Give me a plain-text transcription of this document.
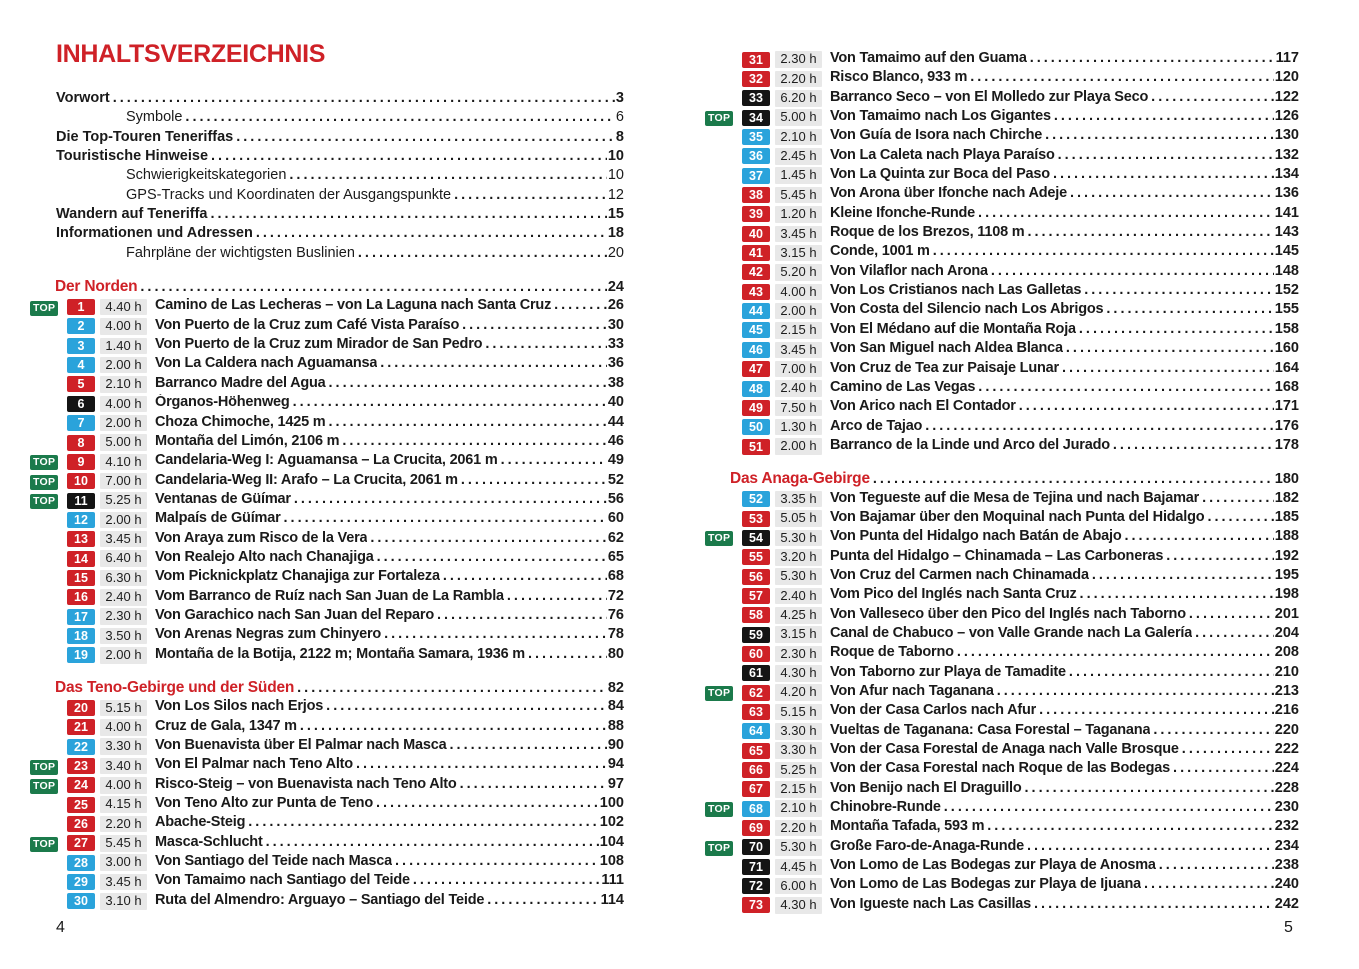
INHALTSVERZEICHNIS
Vorwort .....	3
Symbole .....	6
Die Top-Touren Teneriffas .....	8
Touristische Hinweise .....	10
Schwierigkeitskategorien .....	10
GPS-Tracks und Koordinaten der Ausgangspunkte .....	12
Wandern auf Teneriffa .....	15
Informationen und Adressen .....	18
Fahrpläne der wichtigsten Buslinien .....	20
Der Norden .....	24
TOP	1	4.40 h Camino de Las Lecheras – von La Laguna nach Santa Cruz .....	26
2	4.00 h Von Puerto de la Cruz zum Café Vista Paraíso .....	30
3	1.40 h Von Puerto de la Cruz zum Mirador de San Pedro .....	33
4	2.00 h Von La Caldera nach Aguamansa .....	36
5	2.10 h Barranco Madre del Agua .....	38
6	4.00 h Órganos-Höhenweg .....	40
7	2.00 h Choza Chimoche, 1425 m .....	44
8	5.00 h Montaña del Limón, 2106 m .....	46
TOP	9	4.10 h Candelaria-Weg I: Aguamansa – La Crucita, 2061 m .....	49
TOP	10	7.00 h Candelaria-Weg II: Arafo – La Crucita, 2061 m .....	52
TOP	11	5.25 h Ventanas de Güímar .....	56
12	2.00 h Malpaís de Güímar .....	60
13	3.45 h Von Araya zum Risco de la Vera .....	62
14	6.40 h Von Realejo Alto nach Chanajiga .....	65
15	6.30 h Vom Picknickplatz Chanajiga zur Fortaleza .....	68
16	2.40 h Vom Barranco de Ruíz nach San Juan de La Rambla .....	72
17	2.30 h Von Garachico nach San Juan del Reparo .....	76
18	3.50 h Von Arenas Negras zum Chinyero .....	78
19	2.00 h Montaña de la Botija, 2122 m; Montaña Samara, 1936 m .....	80
Das Teno-Gebirge und der Süden .....	82
20	5.15 h Von Los Silos nach Erjos .....	84
21	4.00 h Cruz de Gala, 1347 m .....	88
22	3.30 h Von Buenavista über El Palmar nach Masca .....	90
TOP	23	3.40 h Von El Palmar nach Teno Alto .....	94
TOP	24	4.00 h Risco-Steig – von Buenavista nach Teno Alto .....	97
25	4.15 h Von Teno Alto zur Punta de Teno .....	100
26	2.20 h Abache-Steig .....	102
TOP	27	5.45 h Masca-Schlucht .....	104
28	3.00 h Von Santiago del Teide nach Masca .....	108
29	3.45 h Von Tamaimo nach Santiago del Teide .....	111
30	3.10 h Ruta del Almendro: Arguayo – Santiago del Teide .....	114
31	2.30 h Von Tamaimo auf den Guama .....	117
32	2.20 h Risco Blanco, 933 m .....	120
33	6.20 h Barranco Seco – von El Molledo zur Playa Seco .....	122
TOP	34	5.00 h Von Tamaimo nach Los Gigantes .....	126
35	2.10 h Von Guía de Isora nach Chirche .....	130
36	2.45 h Von La Caleta nach Playa Paraíso .....	132
37	1.45 h Von La Quinta zur Boca del Paso .....	134
38	5.45 h Von Arona über Ifonche nach Adeje .....	136
39	1.20 h Kleine Ifonche-Runde .....	141
40	3.45 h Roque de los Brezos, 1108 m .....	143
41	3.15 h Conde, 1001 m .....	145
42	5.20 h Von Vilaflor nach Arona .....	148
43	4.00 h Von Los Cristianos nach Las Galletas .....	152
44	2.00 h Von Costa del Silencio nach Los Abrigos .....	155
45	2.15 h Von El Médano auf die Montaña Roja .....	158
46	3.45 h Von San Miguel nach Aldea Blanca .....	160
47	7.00 h Von Cruz de Tea zur Paisaje Lunar .....	164
48	2.40 h Camino de Las Vegas .....	168
49	7.50 h Von Arico nach El Contador .....	171
50	1.30 h Arco de Tajao .....	176
51	2.00 h Barranco de la Linde und Arco del Jurado .....	178
Das Anaga-Gebirge .....	180
52	3.35 h Von Tegueste auf die Mesa de Tejina und nach Bajamar .....	182
53	5.05 h Von Bajamar über den Moquinal nach Punta del Hidalgo .....	185
TOP	54	5.30 h Von Punta del Hidalgo nach Batán de Abajo .....	188
55	3.20 h Punta del Hidalgo – Chinamada – Las Carboneras .....	192
56	5.30 h Von Cruz del Carmen nach Chinamada .....	195
57	2.40 h Vom Pico del Inglés nach Santa Cruz .....	198
58	4.25 h Von Valleseco über den Pico del Inglés nach Taborno .....	201
59	3.15 h Canal de Chabuco – von Valle Grande nach La Galería .....	204
60	2.30 h Roque de Taborno .....	208
61	4.30 h Von Taborno zur Playa de Tamadite .....	210
TOP	62	4.20 h Von Afur nach Taganana .....	213
63	5.15 h Von der Casa Carlos nach Afur .....	216
64	3.30 h Vueltas de Taganana: Casa Forestal – Taganana .....	220
65	3.30 h Von der Casa Forestal de Anaga nach Valle Brosque .....	222
66	5.25 h Von der Casa Forestal nach Roque de las Bodegas .....	224
67	2.15 h Von Benijo nach El Draguillo .....	228
TOP	68	2.10 h Chinobre-Runde .....	230
69	2.20 h Montaña Tafada, 593 m .....	232
TOP	70	5.30 h Große Faro-de-Anaga-Runde .....	234
71	4.45 h Von Lomo de Las Bodegas zur Playa de Anosma .....	238
72	6.00 h Von Lomo de Las Bodegas zur Playa de Ijuana .....	240
73	4.30 h Von Igueste nach Las Casillas .....	242
4	5
